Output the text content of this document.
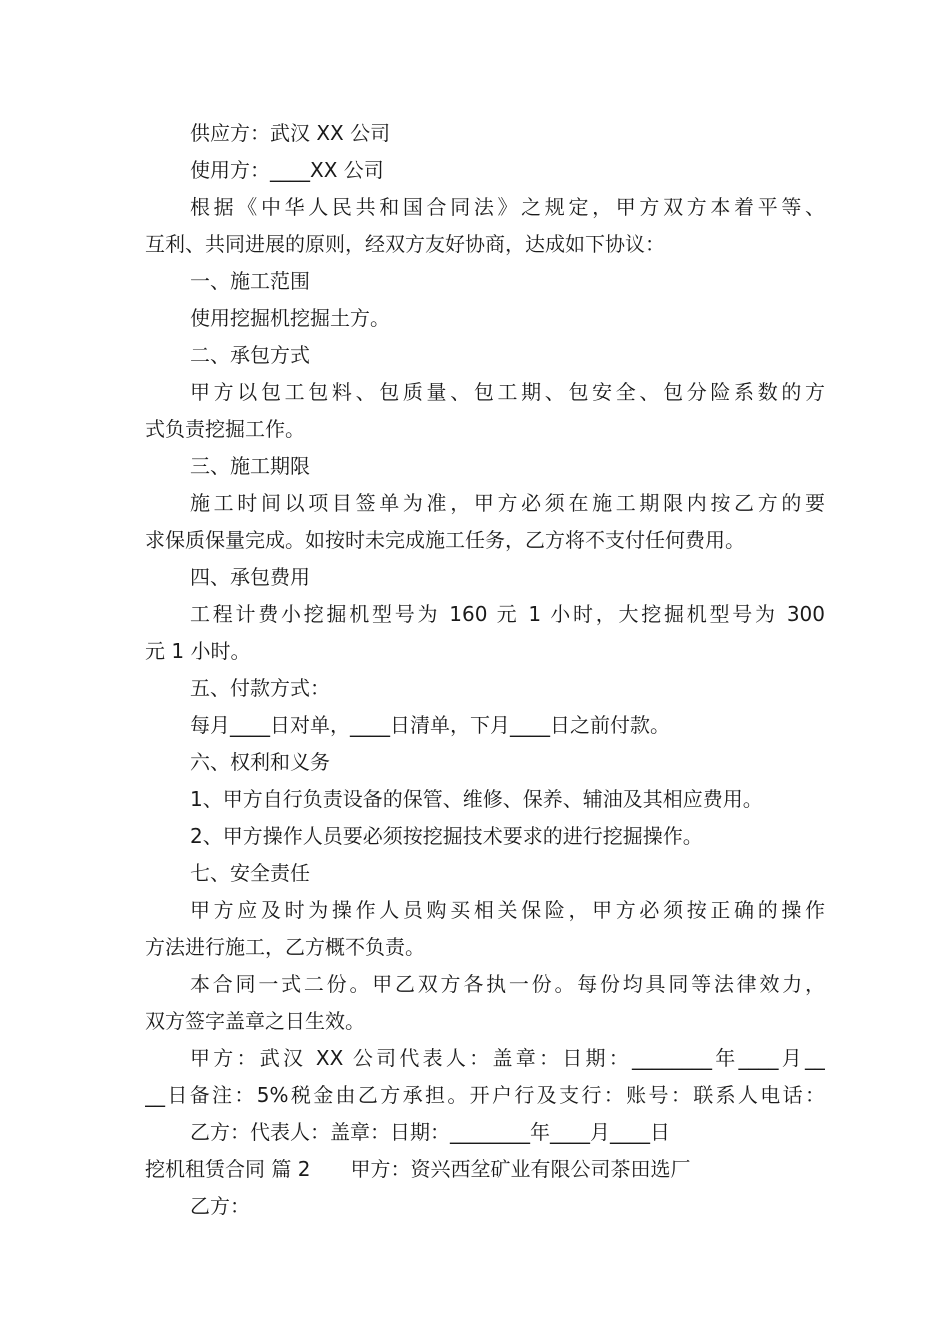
供应方：武汉 XX 公司
使用方：____XX 公司
根据《中华人民共和国合同法》之规定，甲方双方本着平等、
互利、共同进展的原则，经双方友好协商，达成如下协议：
一、施工范围
使用挖掘机挖掘土方。
二、承包方式
甲方以包工包料、包质量、包工期、包安全、包分险系数的方
式负责挖掘工作。
三、施工期限
施工时间以项目签单为准，甲方必须在施工期限内按乙方的要
求保质保量完成。如按时未完成施工任务，乙方将不支付任何费用。
四、承包费用
工程计费小挖掘机型号为 160 元 1 小时，大挖掘机型号为 300
元 1 小时。
五、付款方式：
每月____日对单，____日清单，下月____日之前付款。
六、权利和义务
1、甲方自行负责设备的保管、维修、保养、辅油及其相应费用。
2、甲方操作人员要必须按挖掘技术要求的进行挖掘操作。
七、安全责任
甲方应及时为操作人员购买相关保险，甲方必须按正确的操作
方法进行施工，乙方概不负责。
本合同一式二份。甲乙双方各执一份。每份均具同等法律效力，
双方签字盖章之日生效。
甲方：武汉 XX 公司代表人：盖章：日期：________年____月__
__日备注：5%税金由乙方承担。开户行及支行：账号：联系人电话：
乙方：代表人：盖章：日期：________年____月____日
挖机租赁合同 篇 2　　甲方：资兴西坌矿业有限公司茶田选厂
乙方：
